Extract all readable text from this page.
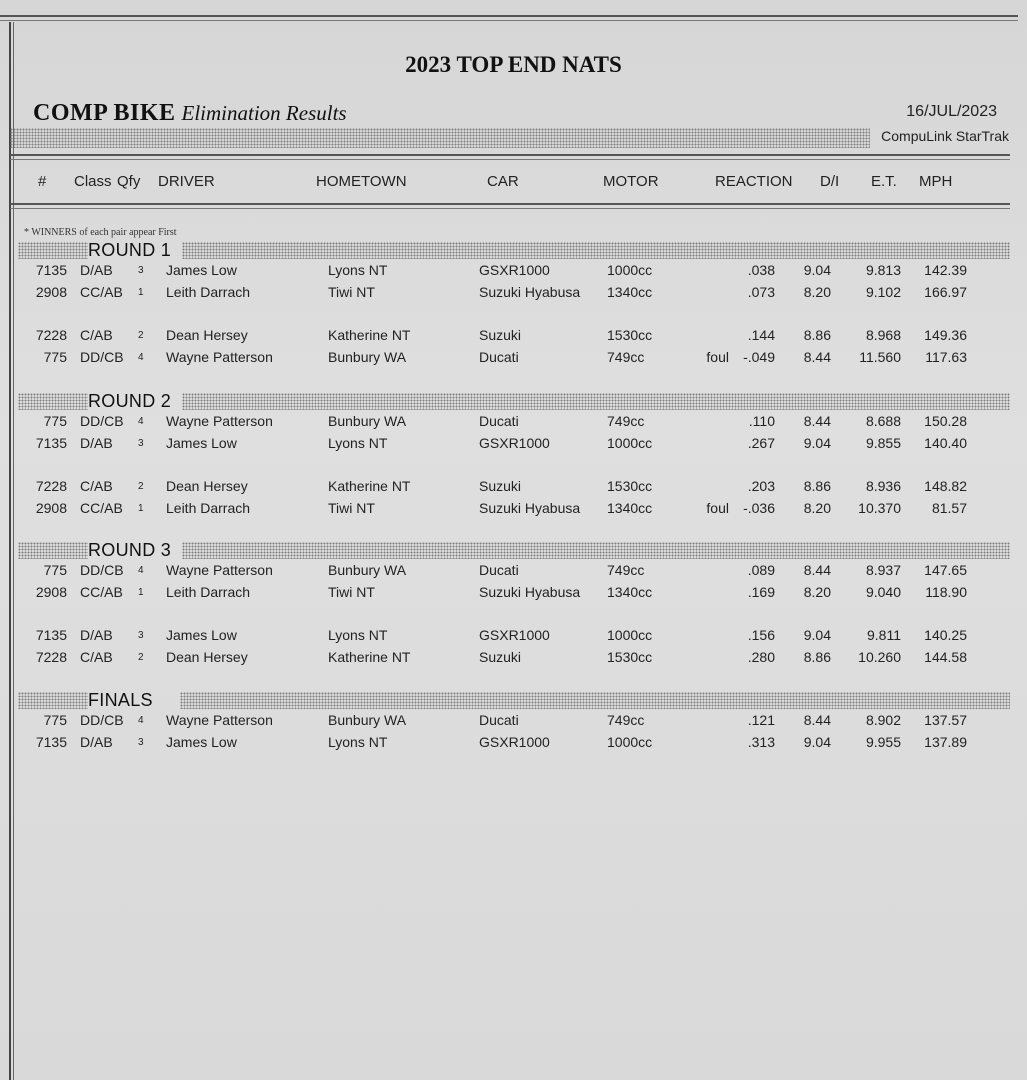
2023 TOP END NATS
COMP BIKE Elimination Results	16/JUL/2023
CompuLink StarTrak
# Class Qfy DRIVER	HOMETOWN	CAR	MOTOR	REACTION D/I E.T. MPH
* WINNERS of each pair appear First
ROUND 1
7135 D/AB	3 James Low	Lyons NT	GSXR1000	1000cc	.038 9.04 9.813 142.39
2908 CC/AB 1 Leith Darrach	Tiwi NT	Suzuki Hyabusa 1340cc	.073 8.20 9.102 166.97
7228 C/AB	2 Dean Hersey	Katherine NT	Suzuki	1530cc	.144 8.86 8.968 149.36
775 DD/CB 4 Wayne Patterson	Bunbury WA	Ducati	749cc	foul -.049 8.44 11.560 117.63
ROUND 2
775 DD/CB 4 Wayne Patterson	Bunbury WA	Ducati	749cc	.110 8.44 8.688 150.28
7135 D/AB	3 James Low	Lyons NT	GSXR1000	1000cc	.267 9.04 9.855 140.40
7228 C/AB	2 Dean Hersey	Katherine NT	Suzuki	1530cc	.203 8.86 8.936 148.82
2908 CC/AB 1 Leith Darrach	Tiwi NT	Suzuki Hyabusa 1340cc	foul -.036 8.20 10.370 81.57
ROUND 3
775 DD/CB 4 Wayne Patterson	Bunbury WA	Ducati	749cc	.089 8.44 8.937 147.65
2908 CC/AB 1 Leith Darrach	Tiwi NT	Suzuki Hyabusa 1340cc	.169 8.20 9.040 118.90
7135 D/AB	3 James Low	Lyons NT	GSXR1000	1000cc	.156 9.04	9.811 140.25
7228 C/AB	2 Dean Hersey	Katherine NT	Suzuki	1530cc	.280 8.86 10.260 144.58
FINALS
775 DD/CB 4 Wayne Patterson	Bunbury WA	Ducati	749cc	.121 8.44 8.902 137.57
7135 D/AB	3 James Low	Lyons NT	GSXR1000	1000cc	.313 9.04 9.955 137.89
